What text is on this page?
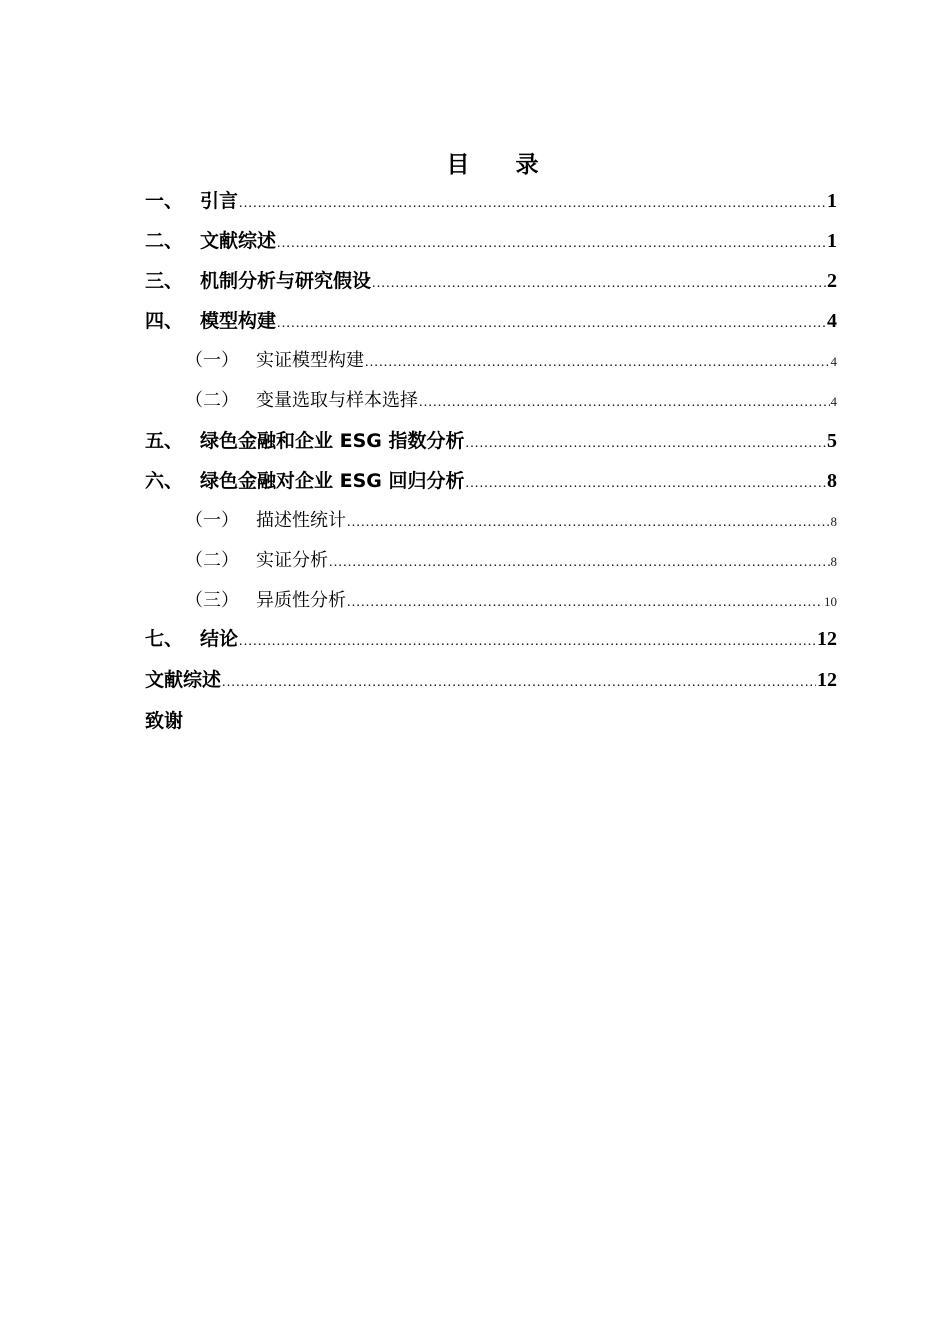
目 录
一、 引言 .....	1
二、 文献综述 .....	1
三、 机制分析与研究假设 .....	2
四、 模型构建 .....	4
（一） 实证模型构建 .....	4
（二） 变量选取与样本选择 .....	4
五、 绿色金融和企业 ESG 指数分析 .....	5
六、 绿色金融对企业 ESG 回归分析 .....	8
（一） 描述性统计 .....	8
（二） 实证分析 .....	8
（三） 异质性分析 .....	10
七、 结论 .....	12
文献综述 .....	12
致谢
